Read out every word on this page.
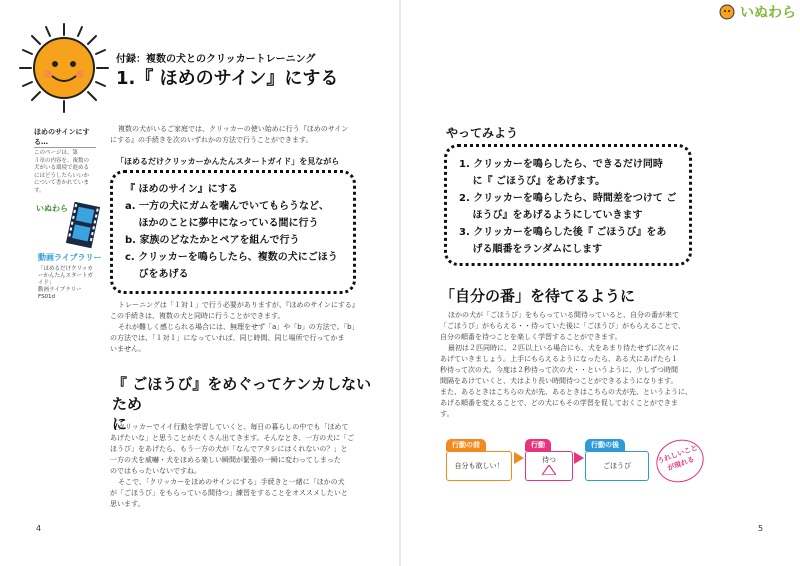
付録：複数の犬とのクリッカートレーニング
1.『 ほめのサイン』にする
ほめのサインにする…
このページは、第
３章の内容を、複数の
犬がいる環境で進める
にはどうしたらいいか
について書かれていま
す。
いぬわら
動画ライブラリー
「ほめるだけクリッカーかんたんスタートガイド」
動画ライブラリー
FS01d
複数の犬がいるご家庭では、クリッカーの使い始めに行う『ほめのサイン
にする』の手続きを次のいずれかの方法で行うことができます。
「ほめるだけクリッカーかんたんスタートガイド」を見ながら
『 ほめのサイン』にする
a. 一方の犬にガムを噛んでいてもらうなど、
　 ほかのことに夢中になっている間に行う
b. 家族のどなたかとペアを組んで行う
c. クリッカーを鳴らしたら、複数の犬にごほう
　 びをあげる
トレーニングは「１対１」で行う必要がありますが、『ほめのサインにする』
この手続きは、複数の犬と同時に行うことができます。
それが難しく感じられる場合には、無理をせず「a」や「b」の方法で。「b」
の方法では、「１対１」になっていれば、同じ時間、同じ場所で行ってかま
いません。
『 ごほうび』をめぐってケンカしないため
に
クリッカーでイイ行動を学習していくと、毎日の暮らしの中でも「ほめて
あげたいな」と思うことがたくさん出てきます。そんなとき、一方の犬に「ご
ほうび」をあげたら、もう一方の犬が「なんでアタシにはくれないの？」と
一方の犬を威嚇・犬をほめる楽しい瞬間が緊張の一瞬に変わってしまった
のではもったいないですね。
そこで、「クリッカーをほめのサインにする」手続きと一緒に「ほかの犬
が「ごほうび」をもらっている間待つ」練習をすることをオススメしたいと
思います。
4
いぬわら
やってみよう
1. クリッカーを鳴らしたら、できるだけ同時
　 に『 ごほうび』をあげます。
2. クリッカーを鳴らしたら、時間差をつけて ご
　 ほうび』をあげるようにしていきます
3. クリッカーを鳴らした後『 ごほうび』をあ
　 げる順番をランダムにします
「自分の番」を待てるように
ほかの犬が「ごほうび」をもらっている間待っていると、自分の番が来て
「ごほうび」がもらえる・・待っていた後に「ごほうび」がもらえることで、
自分の順番を待つことを楽しく学習することができます。
最初は２匹同時に、２匹以上いる場合にも、犬をあまり待たせずに次々に
あげていきましょう。上手にもらえるようになったら、ある犬にあげたら１
秒待って次の犬、今度は２秒待って次の犬・・というように、少しずつ時間
間隔をあけていくと、犬はより長い時間待つことができるようになります。
また、あるときはこちらの犬が先、あるときはこちらの犬が先、というように、
あげる順番を変えることで、どの犬にもその学習を促しておくことができま
す。
行動の前
自分も欲しい！
行動
待つ
行動の後
ごほうび
うれしいことが現れる
5
